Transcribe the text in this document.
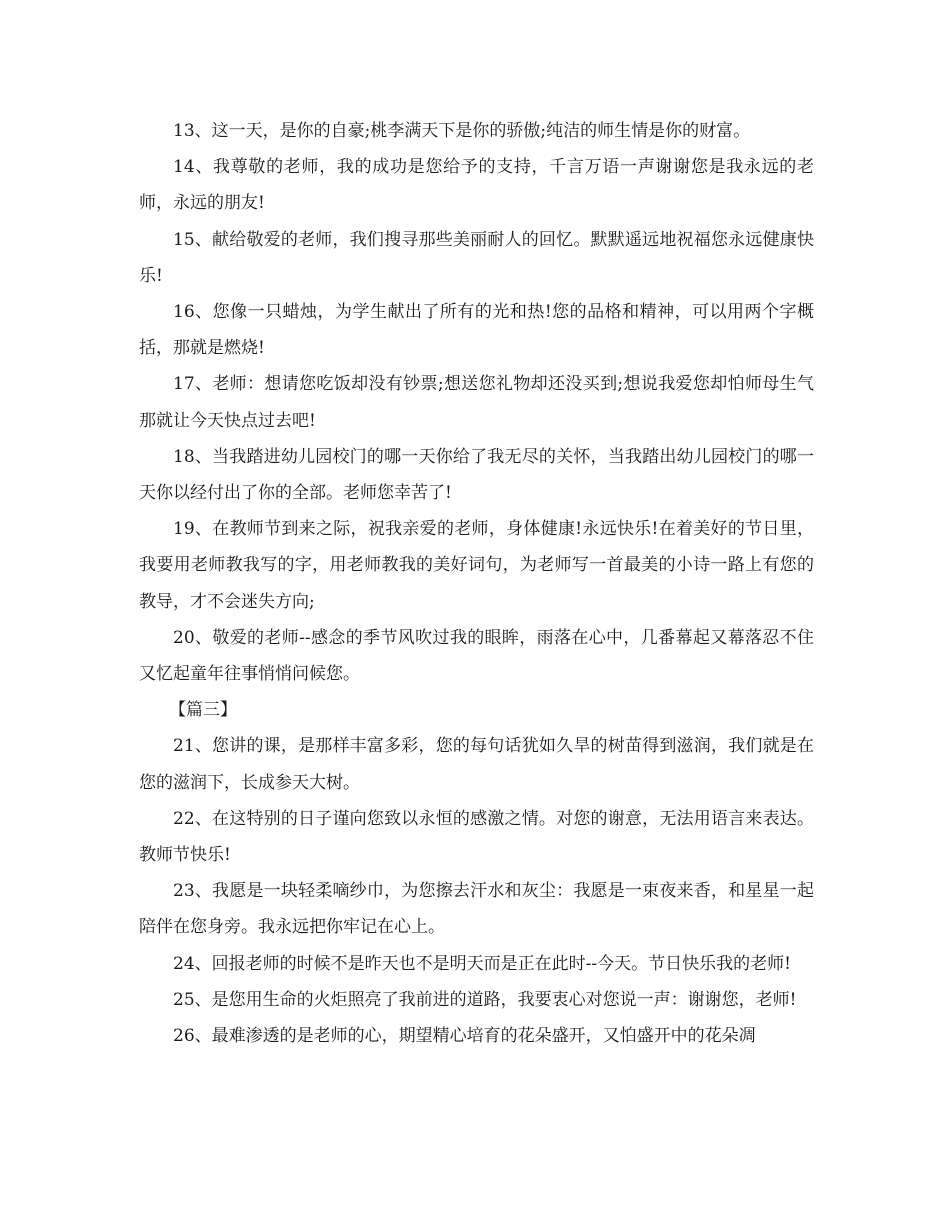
13、这一天，是你的自豪;桃李满天下是你的骄傲;纯洁的师生情是你的财富。

14、我尊敬的老师，我的成功是您给予的支持，千言万语一声谢谢您是我永远的老师，永远的朋友!

15、献给敬爱的老师，我们搜寻那些美丽耐人的回忆。默默遥远地祝福您永远健康快乐!

16、您像一只蜡烛，为学生献出了所有的光和热!您的品格和精神，可以用两个字概括，那就是燃烧!

17、老师：想请您吃饭却没有钞票;想送您礼物却还没买到;想说我爱您却怕师母生气那就让今天快点过去吧!

18、当我踏进幼儿园校门的哪一天你给了我无尽的关怀，当我踏出幼儿园校门的哪一天你以经付出了你的全部。老师您幸苦了!

19、在教师节到来之际，祝我亲爱的老师，身体健康!永远快乐!在着美好的节日里，我要用老师教我写的字，用老师教我的美好词句，为老师写一首最美的小诗一路上有您的教导，才不会迷失方向;

20、敬爱的老师--感念的季节风吹过我的眼眸，雨落在心中，几番幕起又幕落忍不住又忆起童年往事悄悄问候您。

【篇三】

21、您讲的课，是那样丰富多彩，您的每句话犹如久旱的树苗得到滋润，我们就是在您的滋润下，长成参天大树。

22、在这特别的日子谨向您致以永恒的感激之情。对您的谢意，无法用语言来表达。教师节快乐!

23、我愿是一块轻柔嘀纱巾，为您擦去汗水和灰尘：我愿是一束夜来香，和星星一起陪伴在您身旁。我永远把你牢记在心上。

24、回报老师的时候不是昨天也不是明天而是正在此时--今天。节日快乐我的老师!

25、是您用生命的火炬照亮了我前进的道路，我要衷心对您说一声：谢谢您，老师!

26、最难渗透的是老师的心，期望精心培育的花朵盛开，又怕盛开中的花朵凋
